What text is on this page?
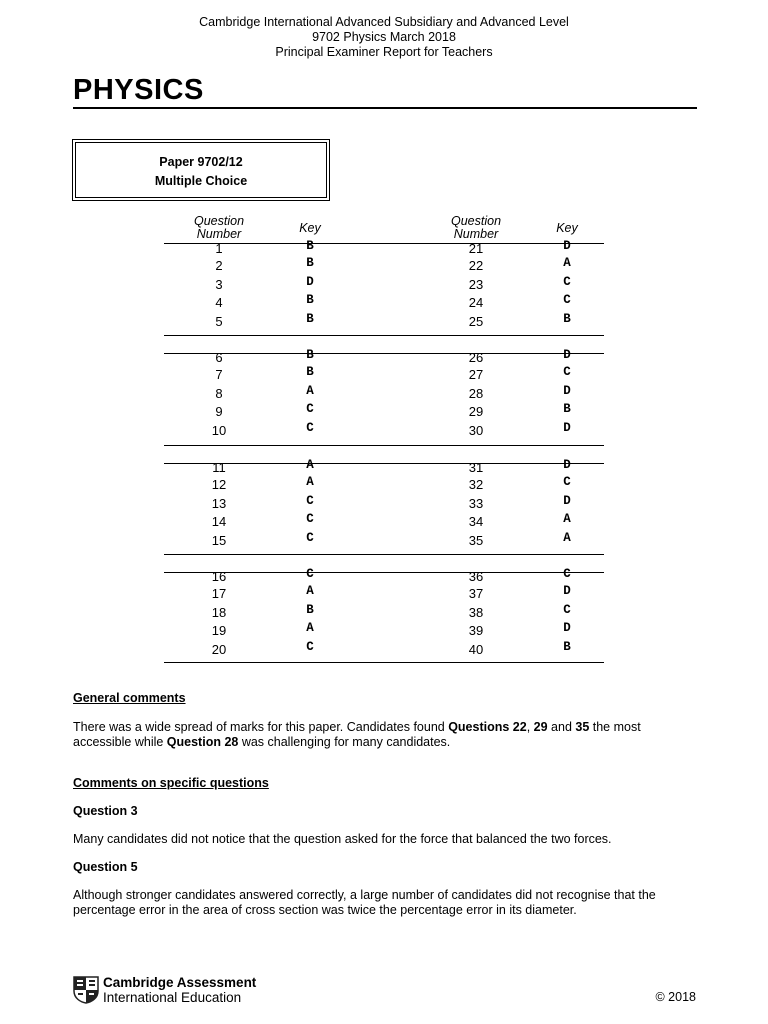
Cambridge International Advanced Subsidiary and Advanced Level
9702 Physics March 2018
Principal Examiner Report for Teachers
PHYSICS
Paper 9702/12
Multiple Choice
Question
Number	Key	Question
Number	Key
1	B	21	D
2	B	22	A
3	D	23	C
4	B	24	C
5	B	25	B
6	B	26	D
7	B	27	C
8	A	28	D
9	C	29	B
10	C	30	D
11	A	31	D
12	A	32	C
13	C	33	D
14	C	34	A
15	C	35	A
16	C	36	C
17	A	37	D
18	B	38	C
19	A	39	D
20	C	40	B
General comments
There was a wide spread of marks for this paper. Candidates found Questions 22, 29 and 35 the most accessible while Question 28 was challenging for many candidates.
Comments on specific questions
Question 3
Many candidates did not notice that the question asked for the force that balanced the two forces.
Question 5
Although stronger candidates answered correctly, a large number of candidates did not recognise that the percentage error in the area of cross section was twice the percentage error in its diameter.
Cambridge Assessment
International Education	© 2018
